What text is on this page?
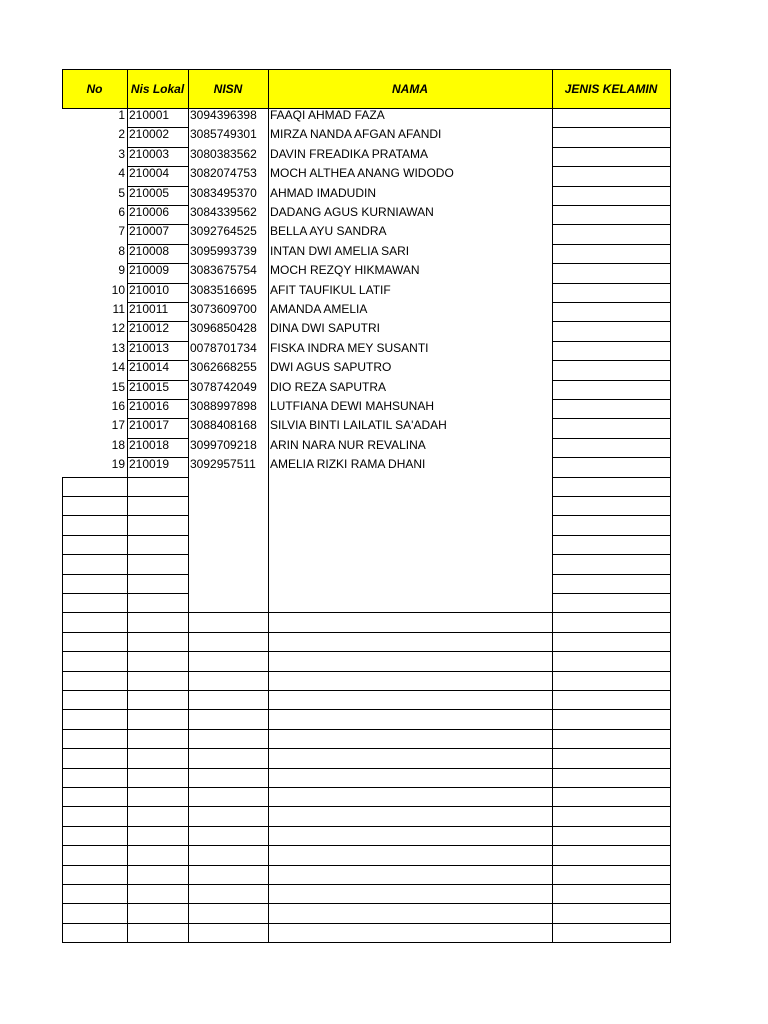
No	Nis Lokal	NISN	NAMA	JENIS KELAMIN
1 210001 3094396398 FAAQI AHMAD FAZA
2 210002 3085749301 MIRZA NANDA AFGAN AFANDI
3 210003 3080383562 DAVIN FREADIKA PRATAMA
4 210004 3082074753 MOCH ALTHEA ANANG WIDODO
5 210005 3083495370 AHMAD IMADUDIN
6 210006 3084339562 DADANG AGUS KURNIAWAN
7 210007 3092764525 BELLA AYU SANDRA
8 210008 3095993739 INTAN DWI AMELIA SARI
9 210009 3083675754 MOCH REZQY HIKMAWAN
10 210010 3083516695 AFIT TAUFIKUL LATIF
11 210011 3073609700 AMANDA AMELIA
12 210012 3096850428 DINA DWI SAPUTRI
13 210013 0078701734 FISKA INDRA MEY SUSANTI
14 210014 3062668255 DWI AGUS SAPUTRO
15 210015 3078742049 DIO REZA SAPUTRA
16 210016 3088997898 LUTFIANA DEWI MAHSUNAH
17 210017 3088408168 SILVIA BINTI LAILATIL SA'ADAH
18 210018 3099709218 ARIN NARA NUR REVALINA
19 210019 3092957511 AMELIA RIZKI RAMA DHANI
